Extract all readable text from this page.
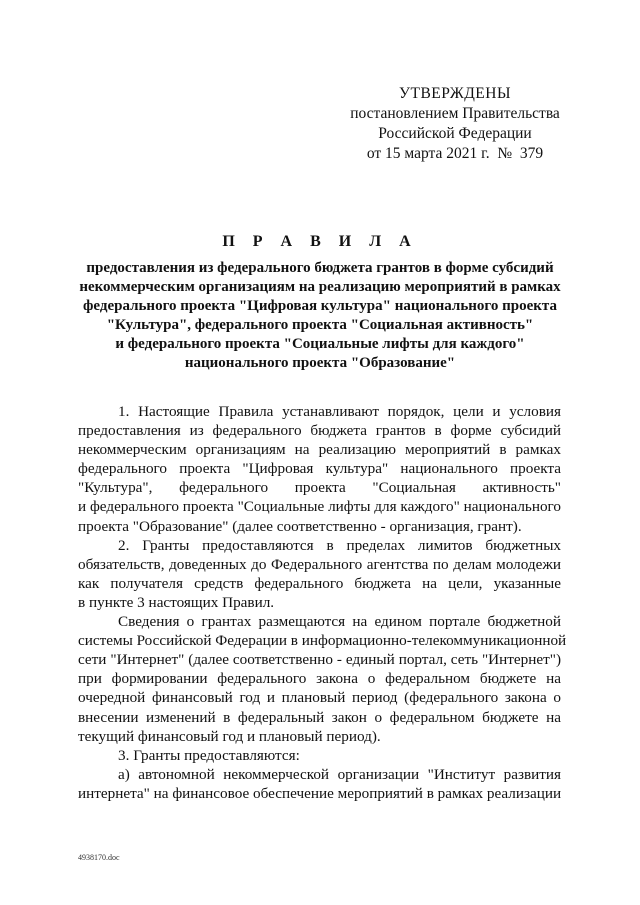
УТВЕРЖДЕНЫ
постановлением Правительства
Российской Федерации
от 15 марта 2021 г.  №  379
П Р А В И Л А
предоставления из федерального бюджета грантов в форме субсидий
некоммерческим организациям на реализацию мероприятий в рамках
федерального проекта "Цифровая культура" национального проекта
"Культура", федерального проекта "Социальная активность"
и федерального проекта "Социальные лифты для каждого"
национального проекта "Образование"
1. Настоящие Правила устанавливают порядок, цели и условия
предоставления из федерального бюджета грантов в форме субсидий
некоммерческим организациям на реализацию мероприятий в рамках
федерального проекта "Цифровая культура" национального проекта
"Культура", федерального проекта "Социальная активность"
и федерального проекта "Социальные лифты для каждого" национального
проекта "Образование" (далее соответственно - организация, грант).
2. Гранты предоставляются в пределах лимитов бюджетных
обязательств, доведенных до Федерального агентства по делам молодежи
как получателя средств федерального бюджета на цели, указанные
в пункте 3 настоящих Правил.
Сведения о грантах размещаются на едином портале бюджетной
системы Российской Федерации в информационно-телекоммуникационной
сети "Интернет" (далее соответственно - единый портал, сеть "Интернет")
при формировании федерального закона о федеральном бюджете на
очередной финансовый год и плановый период (федерального закона о
внесении изменений в федеральный закон о федеральном бюджете на
текущий финансовый год и плановый период).
3. Гранты предоставляются:
а) автономной некоммерческой организации "Институт развития
интернета" на финансовое обеспечение мероприятий в рамках реализации
4938170.doc
